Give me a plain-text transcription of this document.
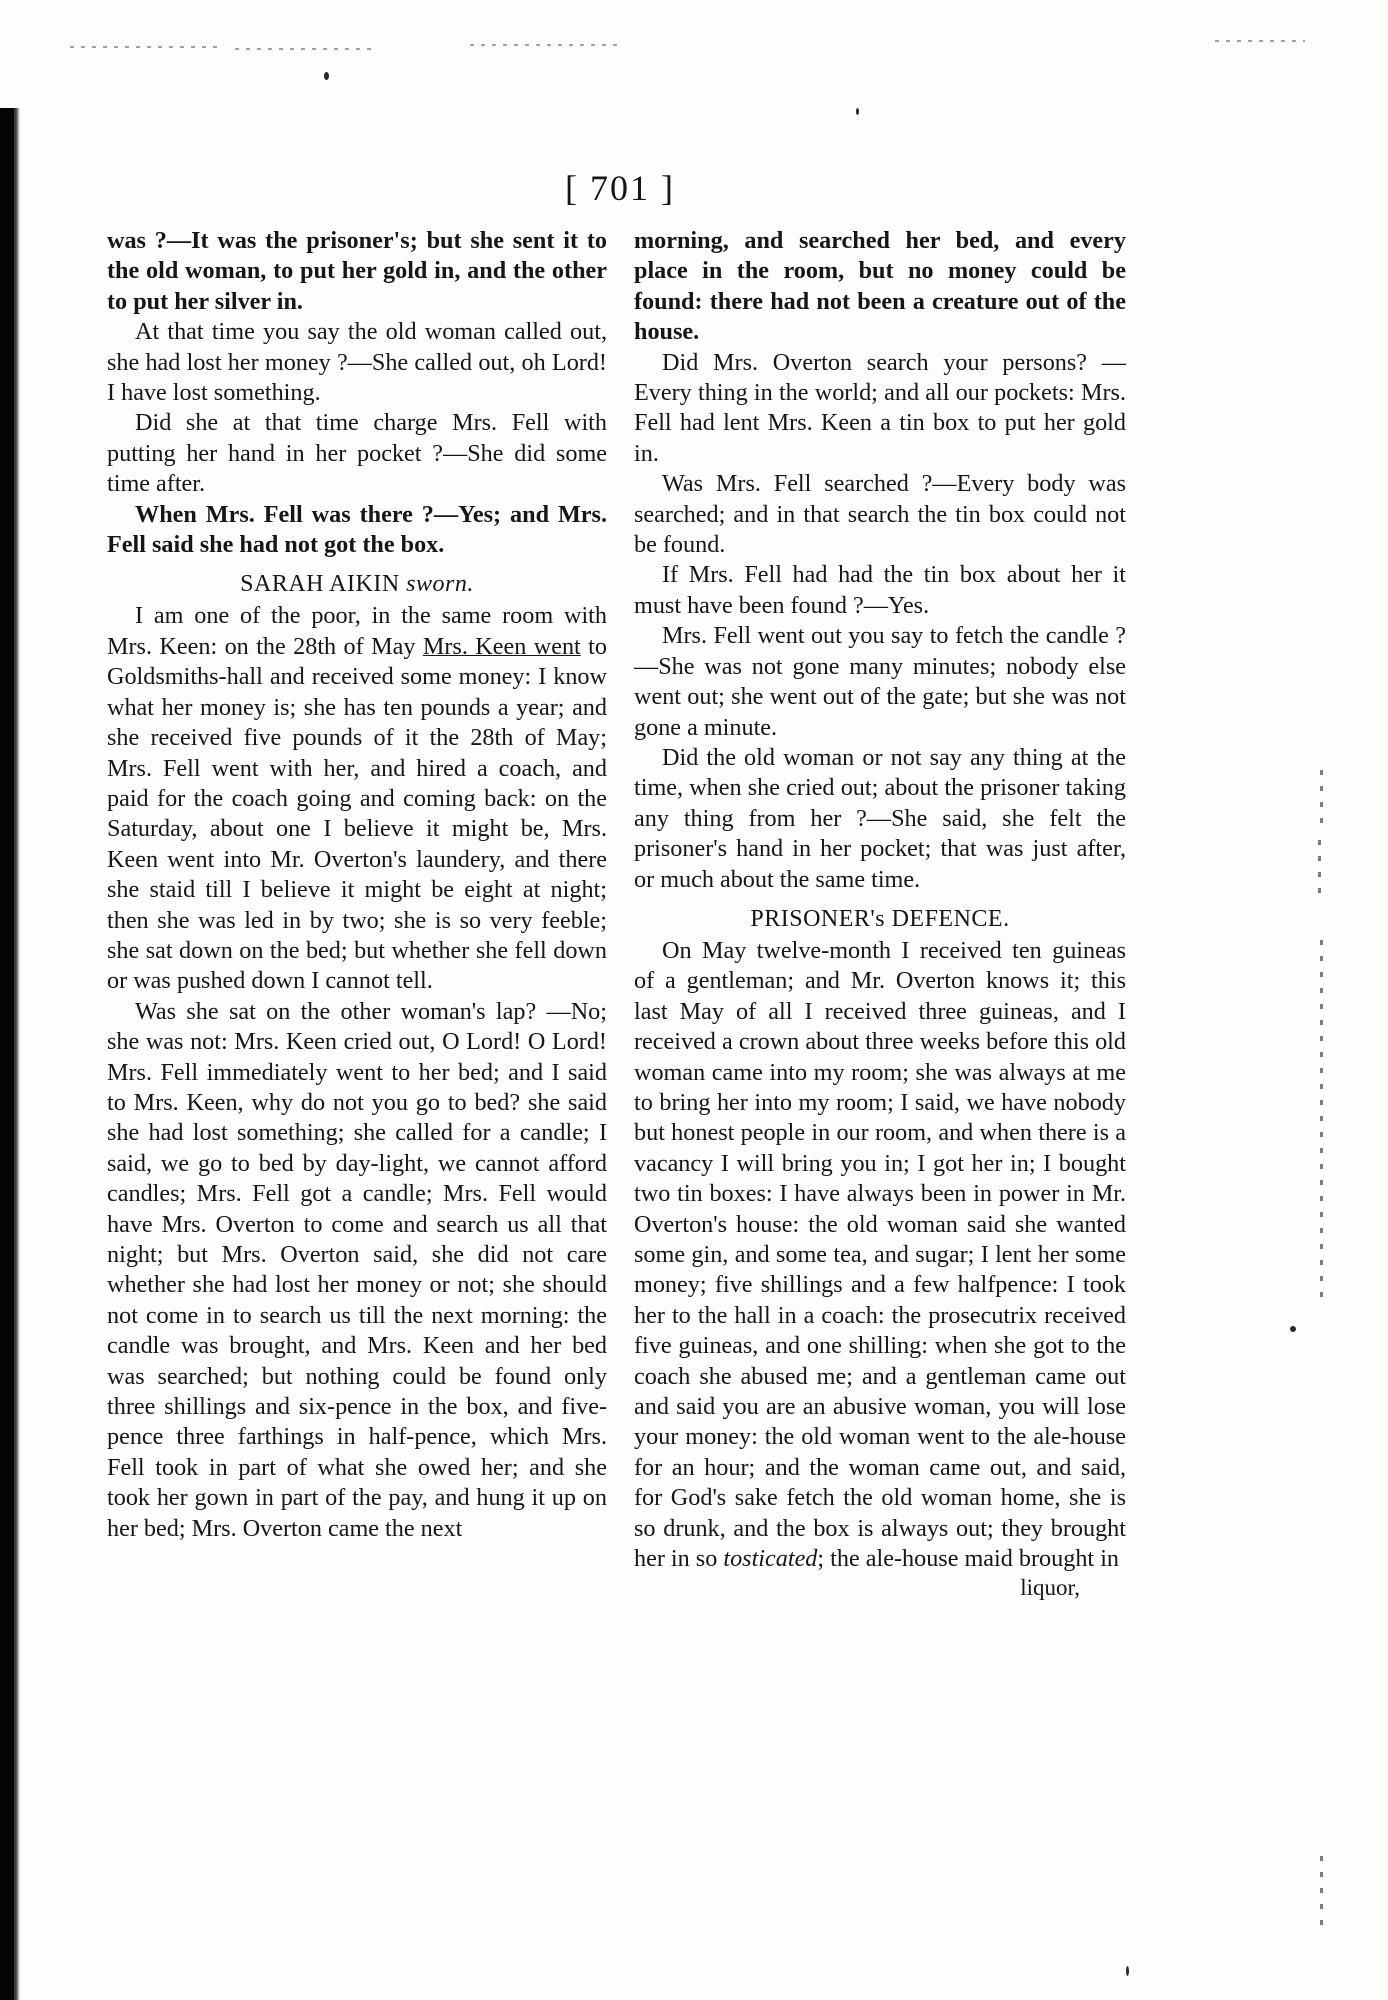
[ 701 ]

was ?—It was the prisoner's; but she sent it to the old woman, to put her gold in, and the other to put her silver in.

At that time you say the old woman called out, she had lost her money ?—She called out, oh Lord! I have lost something.

Did she at that time charge Mrs. Fell with putting her hand in her pocket ?—She did some time after.

When Mrs. Fell was there ?—Yes; and Mrs. Fell said she had not got the box.

SARAH AIKIN sworn.

I am one of the poor, in the same room with Mrs. Keen: on the 28th of May Mrs. Keen went to Goldsmiths-hall and received some money: I know what her money is; she has ten pounds a year; and she received five pounds of it the 28th of May; Mrs. Fell went with her, and hired a coach, and paid for the coach going and coming back: on the Saturday, about one I believe it might be, Mrs. Keen went into Mr. Overton's laundery, and there she staid till I believe it might be eight at night; then she was led in by two; she is so very feeble; she sat down on the bed; but whether she fell down or was pushed down I cannot tell.

Was she sat on the other woman's lap? —No; she was not: Mrs. Keen cried out, O Lord! O Lord! Mrs. Fell immediately went to her bed; and I said to Mrs. Keen, why do not you go to bed? she said she had lost something; she called for a candle; I said, we go to bed by day-light, we cannot afford candles; Mrs. Fell got a candle; Mrs. Fell would have Mrs. Overton to come and search us all that night; but Mrs. Overton said, she did not care whether she had lost her money or not; she should not come in to search us till the next morning: the candle was brought, and Mrs. Keen and her bed was searched; but nothing could be found only three shillings and six-pence in the box, and five-pence three farthings in half-pence, which Mrs. Fell took in part of what she owed her; and she took her gown in part of the pay, and hung it up on her bed; Mrs. Overton came the next

morning, and searched her bed, and every place in the room, but no money could be found: there had not been a creature out of the house.

Did Mrs. Overton search your persons? —Every thing in the world; and all our pockets: Mrs. Fell had lent Mrs. Keen a tin box to put her gold in.

Was Mrs. Fell searched ?—Every body was searched; and in that search the tin box could not be found.

If Mrs. Fell had had the tin box about her it must have been found ?—Yes.

Mrs. Fell went out you say to fetch the candle ?—She was not gone many minutes; nobody else went out; she went out of the gate; but she was not gone a minute.

Did the old woman or not say any thing at the time, when she cried out; about the prisoner taking any thing from her ?—She said, she felt the prisoner's hand in her pocket; that was just after, or much about the same time.

PRISONER's DEFENCE.

On May twelve-month I received ten guineas of a gentleman; and Mr. Overton knows it; this last May of all I received three guineas, and I received a crown about three weeks before this old woman came into my room; she was always at me to bring her into my room; I said, we have nobody but honest people in our room, and when there is a vacancy I will bring you in; I got her in; I bought two tin boxes: I have always been in power in Mr. Overton's house: the old woman said she wanted some gin, and some tea, and sugar; I lent her some money; five shillings and a few halfpence: I took her to the hall in a coach: the prosecutrix received five guineas, and one shilling: when she got to the coach she abused me; and a gentleman came out and said you are an abusive woman, you will lose your money: the old woman went to the ale-house for an hour; and the woman came out, and said, for God's sake fetch the old woman home, she is so drunk, and the box is always out; they brought her in so tosticated; the ale-house maid brought in

liquor,
